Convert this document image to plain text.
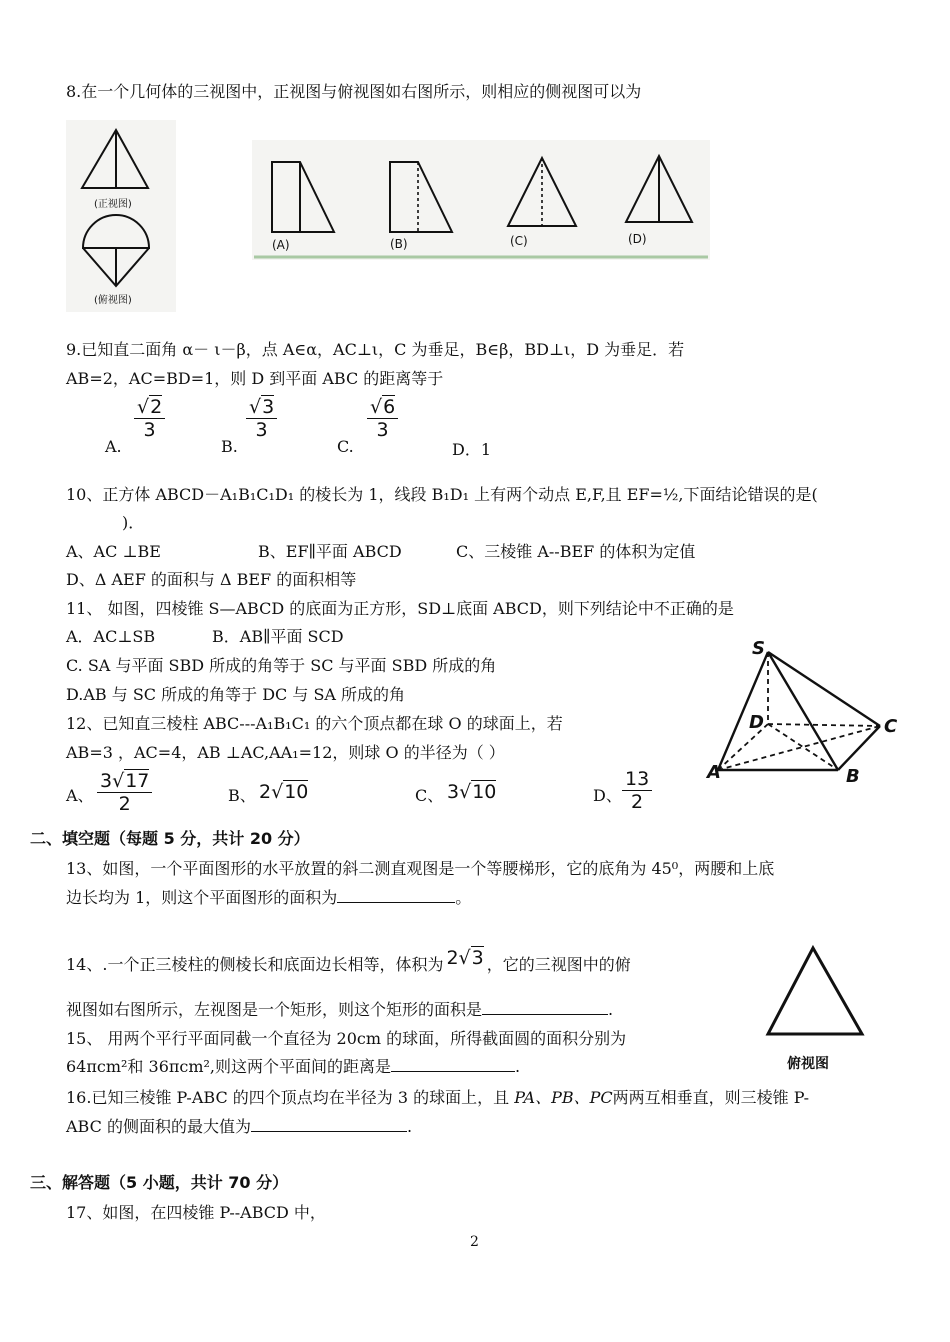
8.在一个几何体的三视图中，正视图与俯视图如右图所示，则相应的侧视图可以为
(正视图)
(俯视图)
(A)	(B)	(C)	(D)
9.已知直二面角 α－ ι－β，点 A∈α，AC⊥ι，C 为垂足，B∈β，BD⊥ι，D 为垂足．若
AB=2，AC=BD=1，则 D 到平面 ABC 的距离等于
A.
$\frac{√2}{3}$
B.
$\frac{√3}{3}$
C.
$\frac{√6}{3}$
D．1
10、正方体 ABCD－A₁B₁C₁D₁ 的棱长为 1，线段 B₁D₁ 上有两个动点 E,F,且 EF=½,下面结论错误的是(
)．
A、AC ⊥BE	B、EF∥平面 ABCD	C、三棱锥 A--BEF 的体积为定值
D、Δ AEF 的面积与 Δ BEF 的面积相等
11、 如图，四棱锥 S—ABCD 的底面为正方形，SD⊥底面 ABCD，则下列结论中不正确的是
A．AC⊥SB	B．AB∥平面 SCD
C. SA 与平面 SBD 所成的角等于 SC 与平面 SBD 所成的角
D.AB 与 SC 所成的角等于 DC 与 SA 所成的角
S
D	C
A	B
12、已知直三棱柱 ABC---A₁B₁C₁ 的六个顶点都在球 O 的球面上，若
AB=3 ，AC=4，AB ⊥AC,AA₁=12，则球 O 的半径为（ ）
A、 $\frac{3√17}{2}$	B、 2√10	C、 3√10	D、 $\frac{13}{2}$
二、填空题（每题 5 分，共计 20 分）
13、如图，一个平面图形的水平放置的斜二测直观图是一个等腰梯形，它的底角为 45⁰，两腰和上底
边长均为 1，则这个平面图形的面积为	。
14、.一个正三棱柱的侧棱长和底面边长相等，体积为 2√3 ，它的三视图中的俯
视图如右图所示，左视图是一个矩形，则这个矩形的面积是	.
俯视图
15、 用两个平行平面同截一个直径为 20cm 的球面，所得截面圆的面积分别为
64πcm²和 36πcm²,则这两个平面间的距离是	.
16.已知三棱锥 P-ABC 的四个顶点均在半径为 3 的球面上，且 PA、PB、PC两两互相垂直，则三棱锥 P-
ABC 的侧面积的最大值为	.
三、解答题（5 小题，共计 70 分）
17、如图，在四棱锥 P--ABCD 中，
2
